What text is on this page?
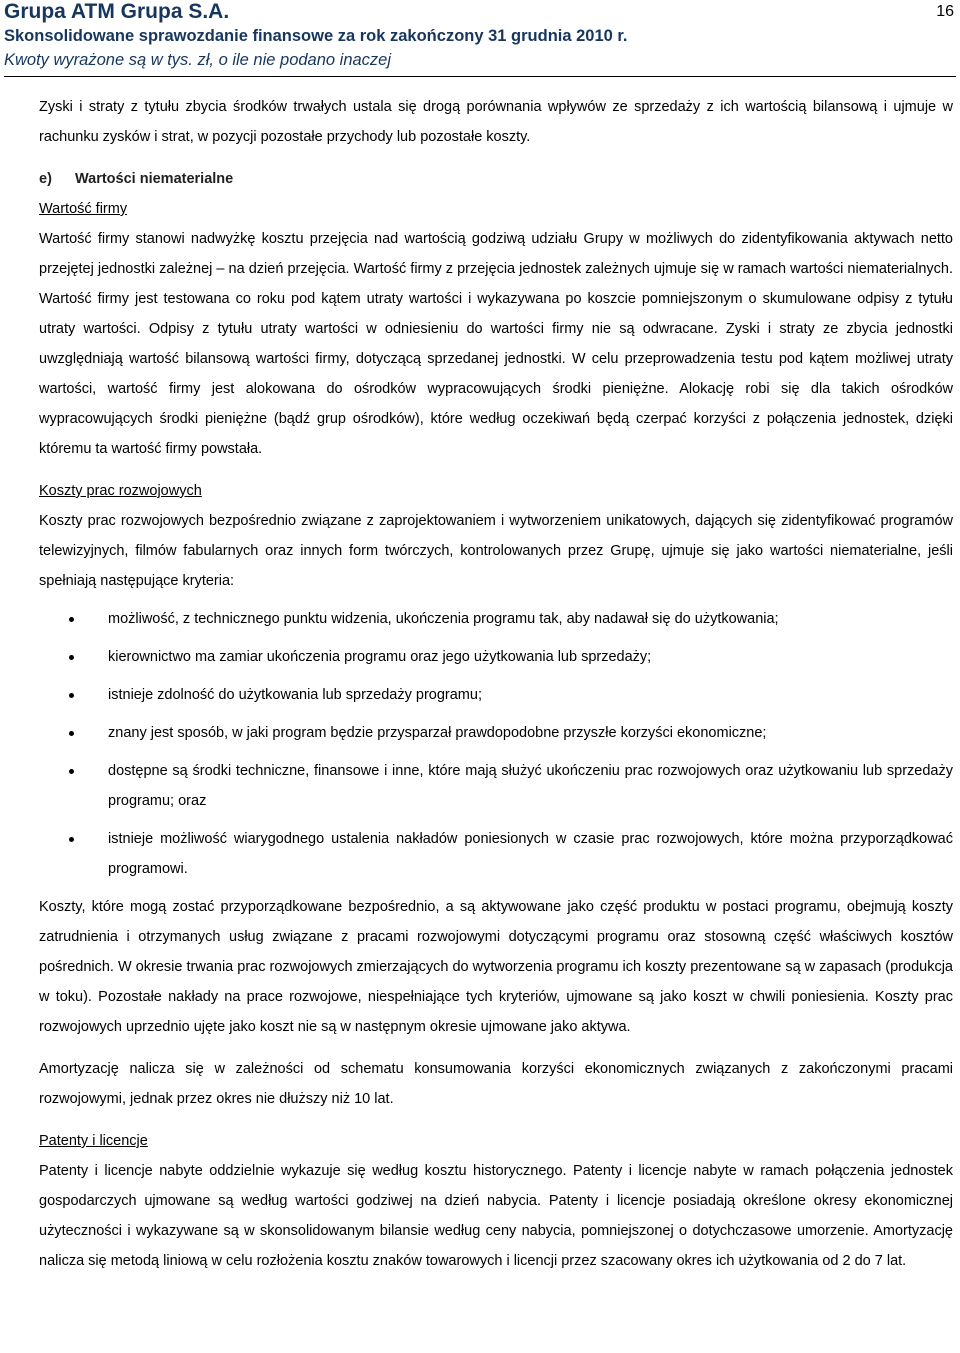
Grupa ATM Grupa S.A.
Skonsolidowane sprawozdanie finansowe za rok zakończony 31 grudnia 2010 r.
Kwoty wyrażone są w tys. zł, o ile nie podano inaczej
16

Zyski i straty z tytułu zbycia środków trwałych ustala się drogą porównania wpływów ze sprzedaży z ich wartością bilansową i ujmuje w rachunku zysków i strat, w pozycji pozostałe przychody lub pozostałe koszty.

e) Wartości niematerialne
Wartość firmy

Wartość firmy stanowi nadwyżkę kosztu przejęcia nad wartością godziwą udziału Grupy w możliwych do zidentyfikowania aktywach netto przejętej jednostki zależnej – na dzień przejęcia. Wartość firmy z przejęcia jednostek zależnych ujmuje się w ramach wartości niematerialnych. Wartość firmy jest testowana co roku pod kątem utraty wartości i wykazywana po koszcie pomniejszonym o skumulowane odpisy z tytułu utraty wartości. Odpisy z tytułu utraty wartości w odniesieniu do wartości firmy nie są odwracane. Zyski i straty ze zbycia jednostki uwzględniają wartość bilansową wartości firmy, dotyczącą sprzedanej jednostki. W celu przeprowadzenia testu pod kątem możliwej utraty wartości, wartość firmy jest alokowana do ośrodków wypracowujących środki pieniężne. Alokację robi się dla takich ośrodków wypracowujących środki pieniężne (bądź grup ośrodków), które według oczekiwań będą czerpać korzyści z połączenia jednostek, dzięki któremu ta wartość firmy powstała.

Koszty prac rozwojowych

Koszty prac rozwojowych bezpośrednio związane z zaprojektowaniem i wytworzeniem unikatowych, dających się zidentyfikować programów telewizyjnych, filmów fabularnych oraz innych form twórczych, kontrolowanych przez Grupę, ujmuje się jako wartości niematerialne, jeśli spełniają następujące kryteria:

możliwość, z technicznego punktu widzenia, ukończenia programu tak, aby nadawał się do użytkowania;
kierownictwo ma zamiar ukończenia programu oraz jego użytkowania lub sprzedaży;
istnieje zdolność do użytkowania lub sprzedaży programu;
znany jest sposób, w jaki program będzie przysparzał prawdopodobne przyszłe korzyści ekonomiczne;
dostępne są środki techniczne, finansowe i inne, które mają służyć ukończeniu prac rozwojowych oraz użytkowaniu lub sprzedaży programu; oraz
istnieje możliwość wiarygodnego ustalenia nakładów poniesionych w czasie prac rozwojowych, które można przyporządkować programowi.

Koszty, które mogą zostać przyporządkowane bezpośrednio, a są aktywowane jako część produktu w postaci programu, obejmują koszty zatrudnienia i otrzymanych usług związane z pracami rozwojowymi dotyczącymi programu oraz stosowną część właściwych kosztów pośrednich. W okresie trwania prac rozwojowych zmierzających do wytworzenia programu ich koszty prezentowane są w zapasach (produkcja w toku). Pozostałe nakłady na prace rozwojowe, niespełniające tych kryteriów, ujmowane są jako koszt w chwili poniesienia. Koszty prac rozwojowych uprzednio ujęte jako koszt nie są w następnym okresie ujmowane jako aktywa.

Amortyzację nalicza się w zależności od schematu konsumowania korzyści ekonomicznych związanych z zakończonymi pracami rozwojowymi, jednak przez okres nie dłuższy niż 10 lat.

Patenty i licencje

Patenty i licencje nabyte oddzielnie wykazuje się według kosztu historycznego. Patenty i licencje nabyte w ramach połączenia jednostek gospodarczych ujmowane są według wartości godziwej na dzień nabycia. Patenty i licencje posiadają określone okresy ekonomicznej użyteczności i wykazywane są w skonsolidowanym bilansie według ceny nabycia, pomniejszonej o dotychczasowe umorzenie. Amortyzację nalicza się metodą liniową w celu rozłożenia kosztu znaków towarowych i licencji przez szacowany okres ich użytkowania od 2 do 7 lat.
